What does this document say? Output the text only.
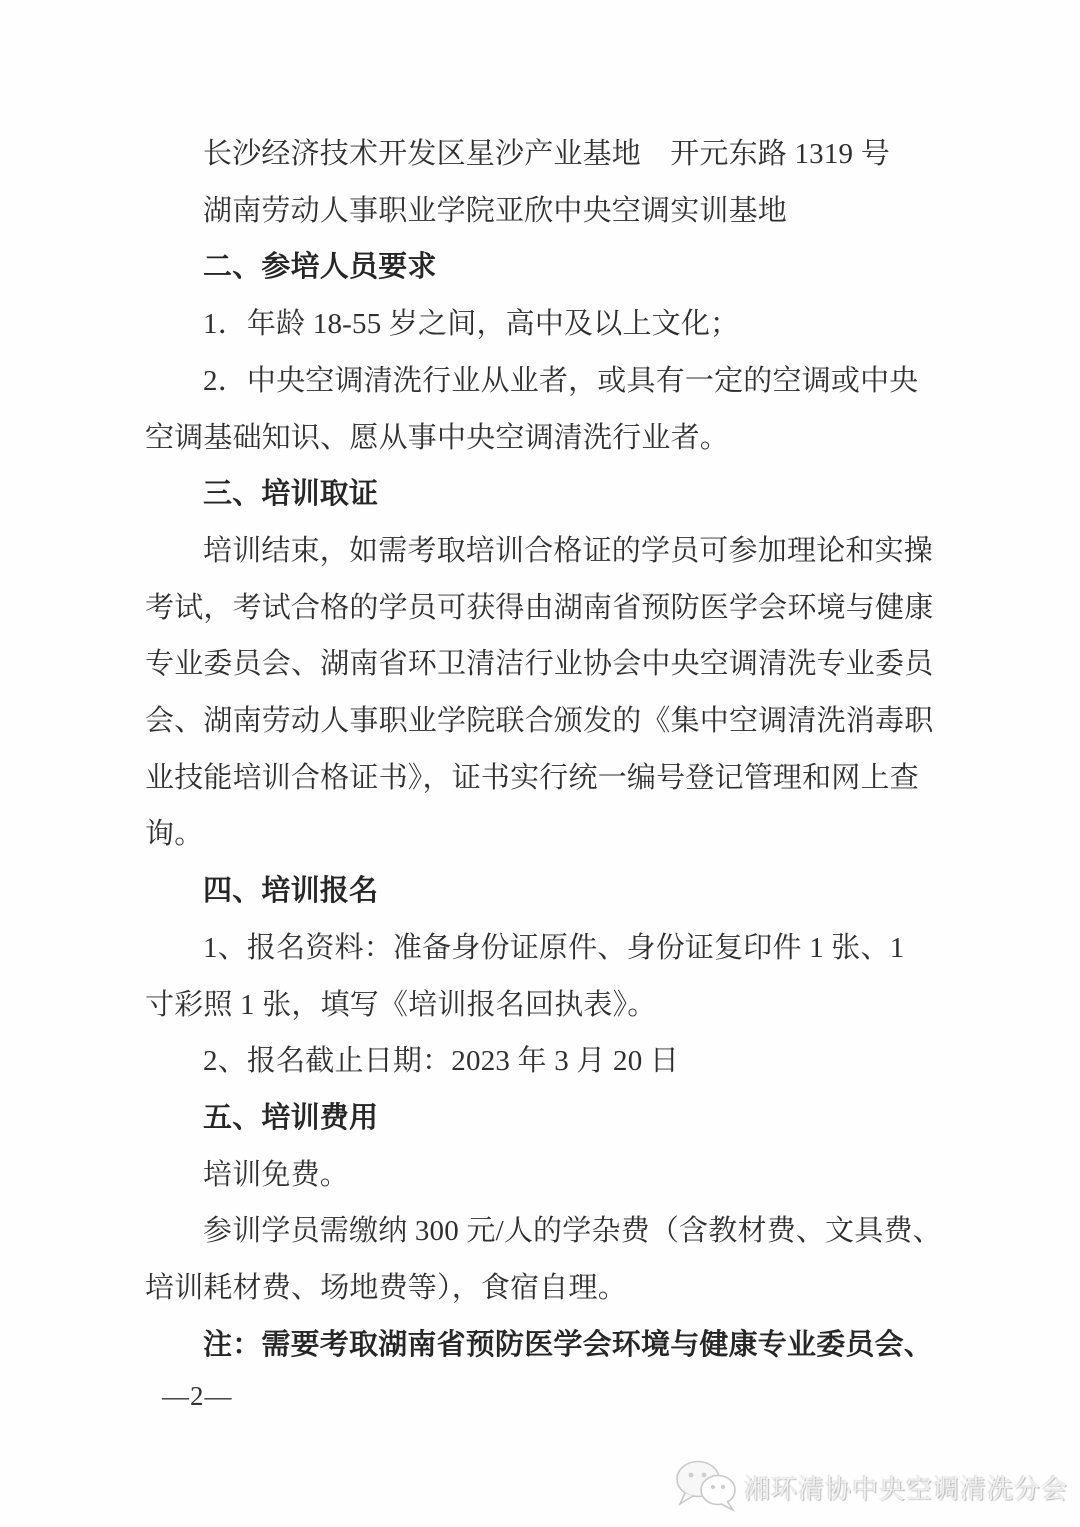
长沙经济技术开发区星沙产业基地　开元东路 1319 号

湖南劳动人事职业学院亚欣中央空调实训基地

二、参培人员要求

1．年龄 18-55 岁之间，高中及以上文化；

2．中央空调清洗行业从业者，或具有一定的空调或中央

空调基础知识、愿从事中央空调清洗行业者。

三、培训取证

培训结束，如需考取培训合格证的学员可参加理论和实操

考试，考试合格的学员可获得由湖南省预防医学会环境与健康

专业委员会、湖南省环卫清洁行业协会中央空调清洗专业委员

会、湖南劳动人事职业学院联合颁发的《集中空调清洗消毒职

业技能培训合格证书》，证书实行统一编号登记管理和网上查

询。

四、培训报名

1、报名资料：准备身份证原件、身份证复印件 1 张、1

寸彩照 1 张，填写《培训报名回执表》。

2、报名截止日期：2023 年 3 月 20 日

五、培训费用

培训免费。

参训学员需缴纳 300 元/人的学杂费（含教材费、文具费、

培训耗材费、场地费等），食宿自理。

注：需要考取湖南省预防医学会环境与健康专业委员会、

—2—
湘环清协中央空调清洗分会
